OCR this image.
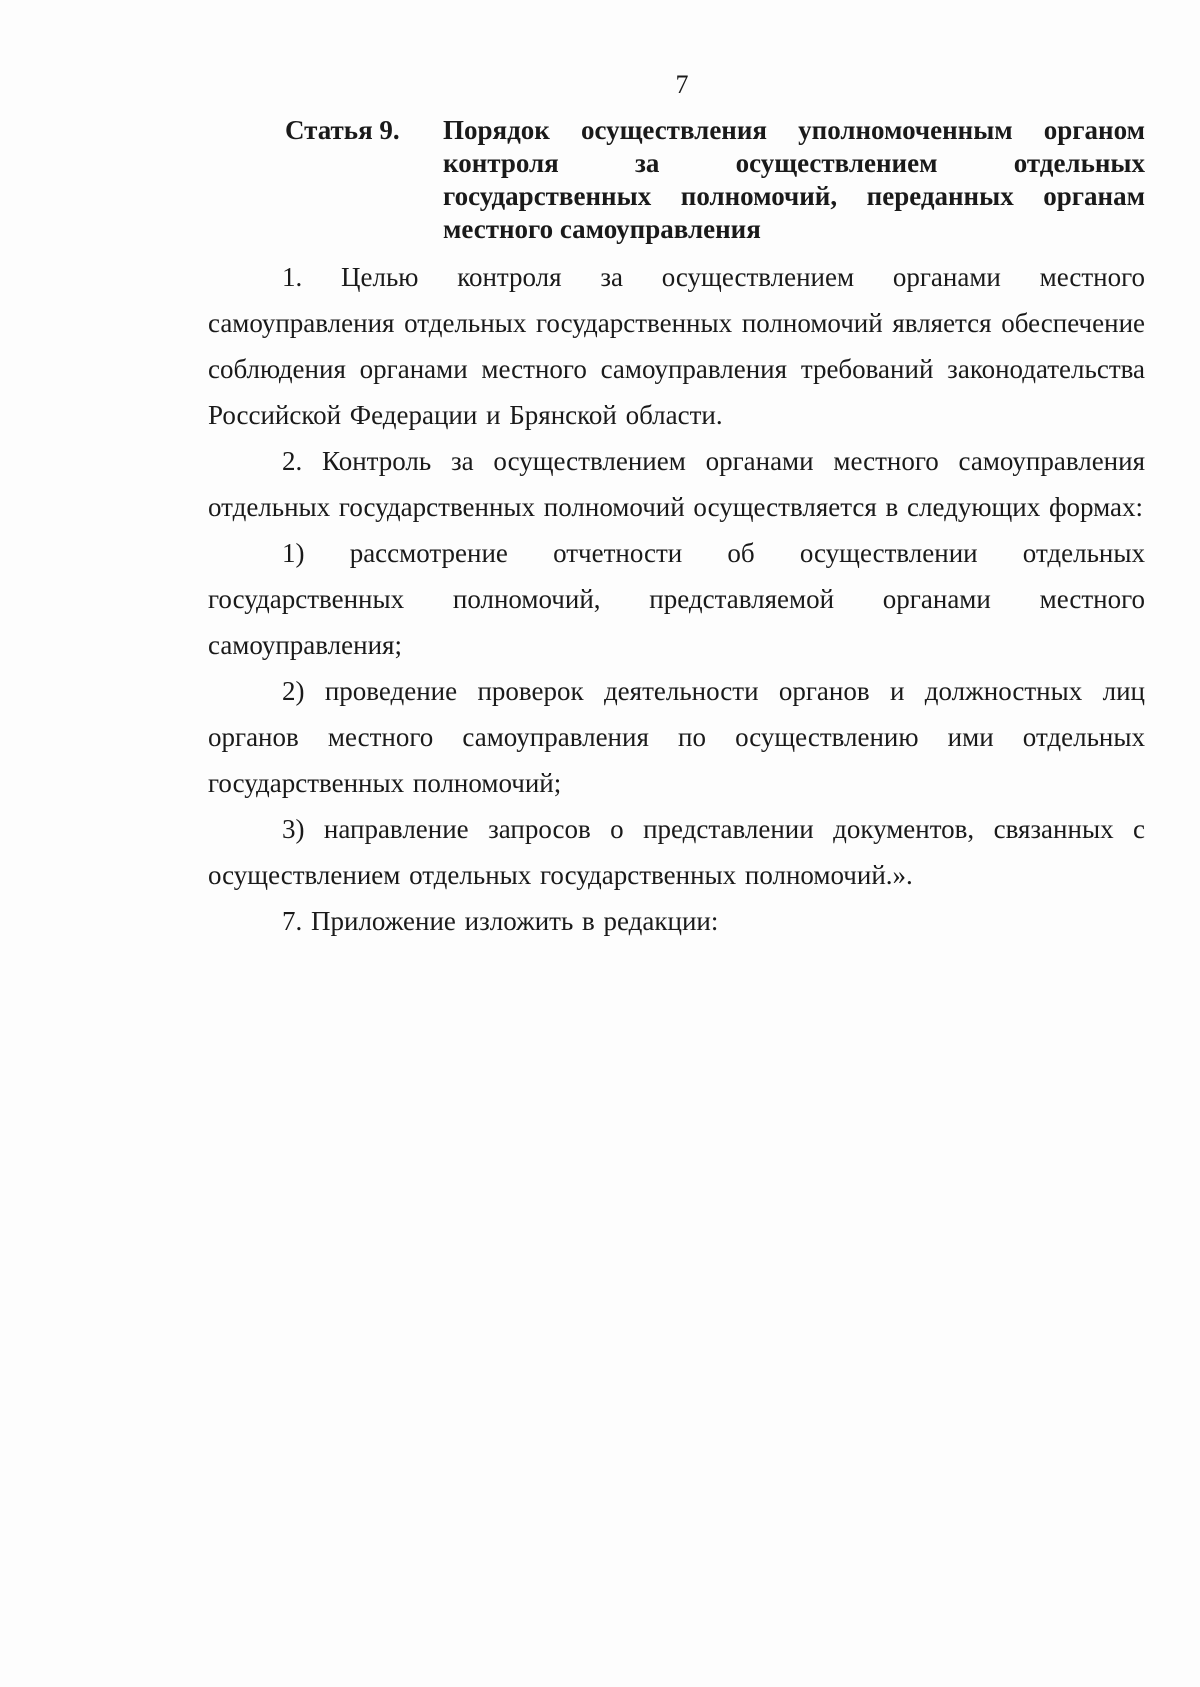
7
Статья 9.	Порядок осуществления уполномоченным органом контроля за осуществлением отдельных государственных полномочий, переданных органам местного самоуправления

1. Целью контроля за осуществлением органами местного самоуправления отдельных государственных полномочий является обеспечение соблюдения органами местного самоуправления требований законодательства Российской Федерации и Брянской области.

2. Контроль за осуществлением органами местного самоуправления отдельных государственных полномочий осуществляется в следующих формах:

1) рассмотрение отчетности об осуществлении отдельных государственных полномочий, представляемой органами местного самоуправления;

2) проведение проверок деятельности органов и должностных лиц органов местного самоуправления по осуществлению ими отдельных государственных полномочий;

3) направление запросов о представлении документов, связанных с осуществлением отдельных государственных полномочий.».

7. Приложение изложить в редакции:
